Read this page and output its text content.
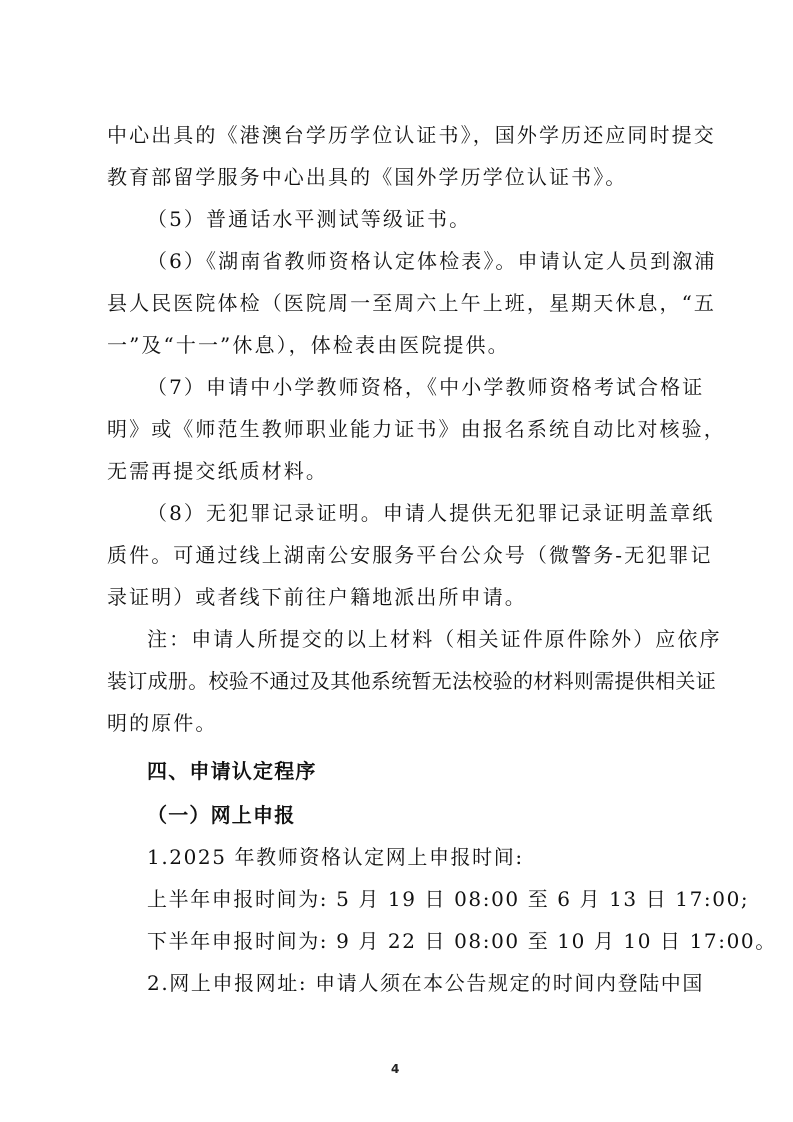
中心出具的《港澳台学历学位认证书》，国外学历还应同时提交
教育部留学服务中心出具的《国外学历学位认证书》。
（5）普通话水平测试等级证书。
（6）《湖南省教师资格认定体检表》。申请认定人员到溆浦
县人民医院体检（医院周一至周六上午上班，星期天休息，“五
一”及“十一”休息），体检表由医院提供。
（7）申请中小学教师资格，《中小学教师资格考试合格证
明》或《师范生教师职业能力证书》由报名系统自动比对核验，
无需再提交纸质材料。
（8）无犯罪记录证明。申请人提供无犯罪记录证明盖章纸
质件。可通过线上湖南公安服务平台公众号（微警务-无犯罪记
录证明）或者线下前往户籍地派出所申请。
注：申请人所提交的以上材料（相关证件原件除外）应依序
装订成册。校验不通过及其他系统暂无法校验的材料则需提供相关证
明的原件。
四、申请认定程序
（一）网上申报
1.2025 年教师资格认定网上申报时间:
上半年申报时间为: 5 月 19 日 08:00 至 6 月 13 日 17:00;
下半年申报时间为: 9 月 22 日 08:00 至 10 月 10 日 17:00。
2.网上申报网址: 申请人须在本公告规定的时间内登陆中国
4
